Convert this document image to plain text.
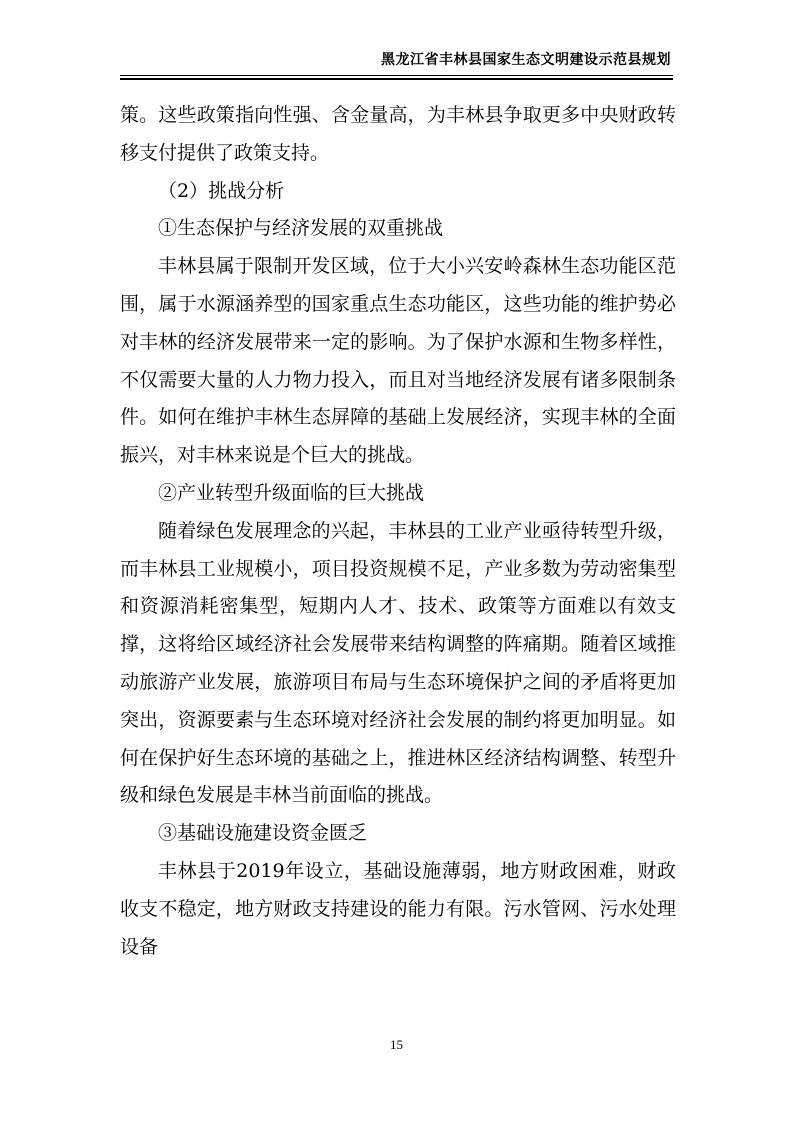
黑龙江省丰林县国家生态文明建设示范县规划

策。这些政策指向性强、含金量高，为丰林县争取更多中央财政转移支付提供了政策支持。

（2）挑战分析

①生态保护与经济发展的双重挑战

丰林县属于限制开发区域，位于大小兴安岭森林生态功能区范围，属于水源涵养型的国家重点生态功能区，这些功能的维护势必对丰林的经济发展带来一定的影响。为了保护水源和生物多样性，不仅需要大量的人力物力投入，而且对当地经济发展有诸多限制条件。如何在维护丰林生态屏障的基础上发展经济，实现丰林的全面振兴，对丰林来说是个巨大的挑战。

②产业转型升级面临的巨大挑战

随着绿色发展理念的兴起，丰林县的工业产业亟待转型升级，而丰林县工业规模小，项目投资规模不足，产业多数为劳动密集型和资源消耗密集型，短期内人才、技术、政策等方面难以有效支撑，这将给区域经济社会发展带来结构调整的阵痛期。随着区域推动旅游产业发展，旅游项目布局与生态环境保护之间的矛盾将更加突出，资源要素与生态环境对经济社会发展的制约将更加明显。如何在保护好生态环境的基础之上，推进林区经济结构调整、转型升级和绿色发展是丰林当前面临的挑战。

③基础设施建设资金匮乏

丰林县于2019年设立，基础设施薄弱，地方财政困难，财政收支不稳定，地方财政支持建设的能力有限。污水管网、污水处理设备

15
